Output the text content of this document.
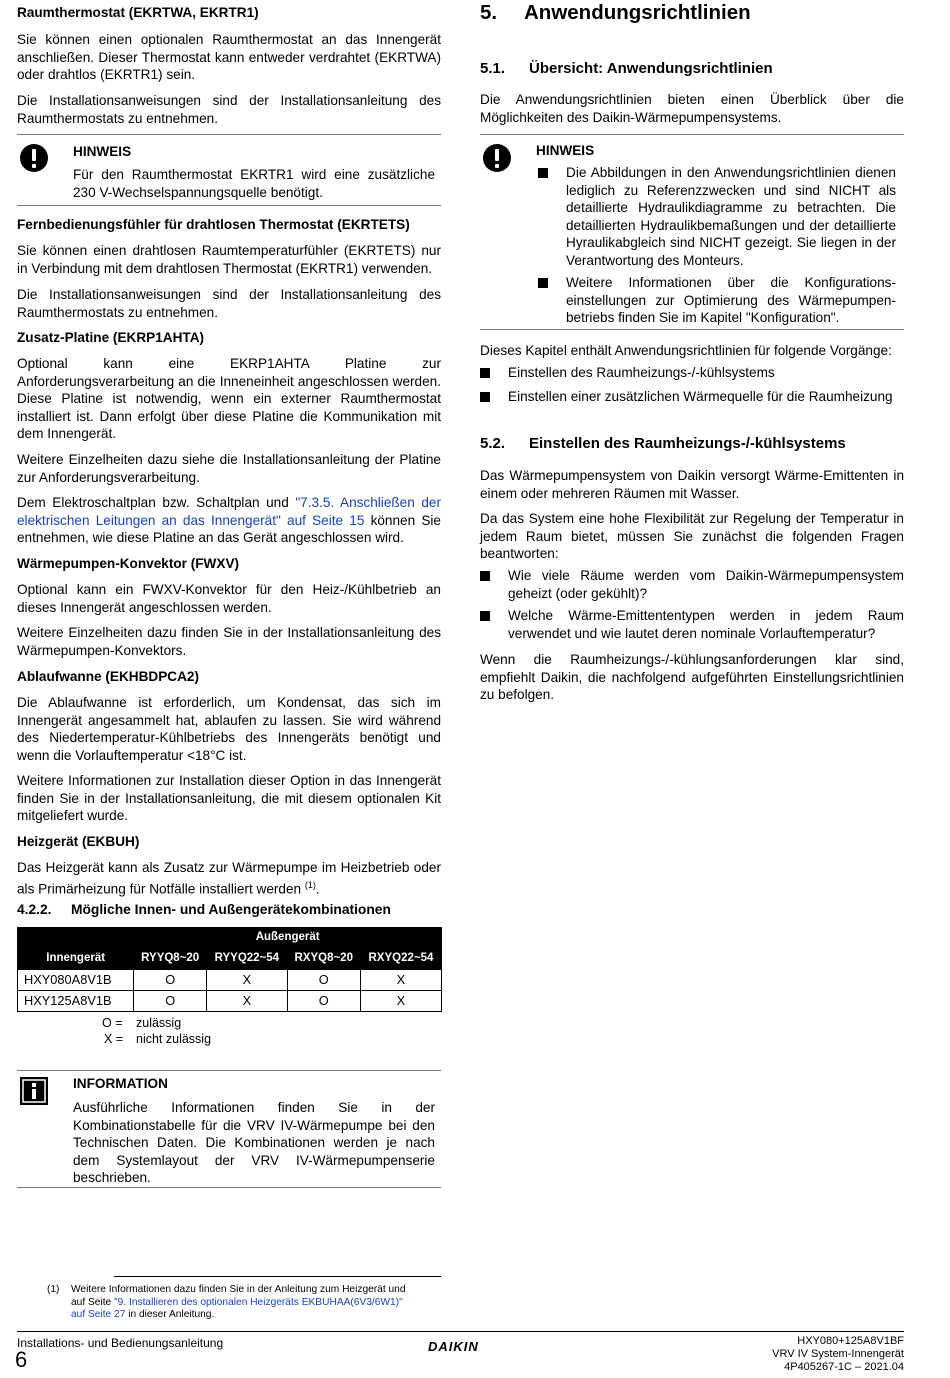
Raumthermostat (EKRTWA, EKRTR1)

Sie können einen optionalen Raumthermostat an das Innengerät anschließen. Dieser Thermostat kann entweder verdrahtet (EKRTWA) oder drahtlos (EKRTR1) sein.

Die Installationsanweisungen sind der Installationsanleitung des Raumthermostats zu entnehmen.

HINWEIS
Für den Raumthermostat EKRTR1 wird eine zusätzliche 230 V-Wechselspannungsquelle benötigt.
Fernbedienungsfühler für drahtlosen Thermostat (EKRTETS)

Sie können einen drahtlosen Raumtemperaturfühler (EKRTETS) nur in Verbindung mit dem drahtlosen Thermostat (EKRTR1) verwenden.

Die Installationsanweisungen sind der Installationsanleitung des Raumthermostats zu entnehmen.

Zusatz-Platine (EKRP1AHTA)

Optional kann eine EKRP1AHTA Platine zur Anforderungsverarbeitung an die Inneneinheit angeschlossen werden. Diese Platine ist notwendig, wenn ein externer Raumthermostat installiert ist. Dann erfolgt über diese Platine die Kommunikation mit dem Innengerät.

Weitere Einzelheiten dazu siehe die Installationsanleitung der Platine zur Anforderungsverarbeitung.

Dem Elektroschaltplan bzw. Schaltplan und "7.3.5. Anschließen der elektrischen Leitungen an das Innengerät" auf Seite 15 können Sie entnehmen, wie diese Platine an das Gerät angeschlossen wird.

Wärmepumpen-Konvektor (FWXV)

Optional kann ein FWXV-Konvektor für den Heiz-/Kühlbetrieb an dieses Innengerät angeschlossen werden.

Weitere Einzelheiten dazu finden Sie in der Installationsanleitung des Wärmepumpen-Konvektors.

Ablaufwanne (EKHBDPCA2)

Die Ablaufwanne ist erforderlich, um Kondensat, das sich im Innengerät angesammelt hat, ablaufen zu lassen. Sie wird während des Niedertemperatur-Kühlbetriebs des Innengeräts benötigt und wenn die Vorlauftemperatur <18°C ist.

Weitere Informationen zur Installation dieser Option in das Innengerät finden Sie in der Installationsanleitung, die mit diesem optionalen Kit mitgeliefert wurde.

Heizgerät (EKBUH)

Das Heizgerät kann als Zusatz zur Wärmepumpe im Heizbetrieb oder als Primärheizung für Notfälle installiert werden $^{(1)}$.

4.2.2. Mögliche Innen- und Außengerätekombinationen
	Außengerät			
Innengerät	RYYQ8~20	RYYQ22~54	RXYQ8~20	RXYQ22~54
HXY080A8V1B	O	X	O	X
HXY125A8V1B	O	X	O	X
O = zulässig
X = nicht zulässig
INFORMATION
Ausführliche Informationen finden Sie in der Kombinationstabelle für die VRV IV-Wärmepumpe bei den Technischen Daten. Die Kombinationen werden je nach dem Systemlayout der VRV IV-Wärmepumpenserie beschrieben.
(1) Weitere Informationen dazu finden Sie in der Anleitung zum Heizgerät und auf Seite "9. Installieren des optionalen Heizgeräts EKBUHAA(6V3/6W1)" auf Seite 27 in dieser Anleitung.
5. Anwendungsrichtlinien
5.1. Übersicht: Anwendungsrichtlinien

Die Anwendungsrichtlinien bieten einen Überblick über die Möglichkeiten des Daikin-Wärmepumpensystems.

HINWEIS
Die Abbildungen in den Anwendungsrichtlinien dienen lediglich zu Referenzzwecken und sind NICHT als detaillierte Hydraulikdiagramme zu betrachten. Die detaillierten Hydraulikbemaßungen und der detaillierte Hyraulikabgleich sind NICHT gezeigt. Sie liegen in der Verantwortung des Monteurs.
Weitere Informationen über die Konfigurations-einstellungen zur Optimierung des Wärmepumpen-betriebs finden Sie im Kapitel "Konfiguration".

Dieses Kapitel enthält Anwendungsrichtlinien für folgende Vorgänge:

Einstellen des Raumheizungs-/-kühlsystems
Einstellen einer zusätzlichen Wärmequelle für die Raumheizung
5.2. Einstellen des Raumheizungs-/-kühlsystems

Das Wärmepumpensystem von Daikin versorgt Wärme-Emittenten in einem oder mehreren Räumen mit Wasser.

Da das System eine hohe Flexibilität zur Regelung der Temperatur in jedem Raum bietet, müssen Sie zunächst die folgenden Fragen beantworten:

Wie viele Räume werden vom Daikin-Wärmepumpensystem geheizt (oder gekühlt)?
Welche Wärme-Emittententypen werden in jedem Raum verwendet und wie lautet deren nominale Vorlauftemperatur?

Wenn die Raumheizungs-/-kühlungsanforderungen klar sind, empfiehlt Daikin, die nachfolgend aufgeführten Einstellungsrichtlinien zu befolgen.

Installations- und Bedienungsanleitung
6
DAIKIN	HXY080+125A8V1BF
VRV IV System-Innengerät
4P405267-1C – 2021.04
